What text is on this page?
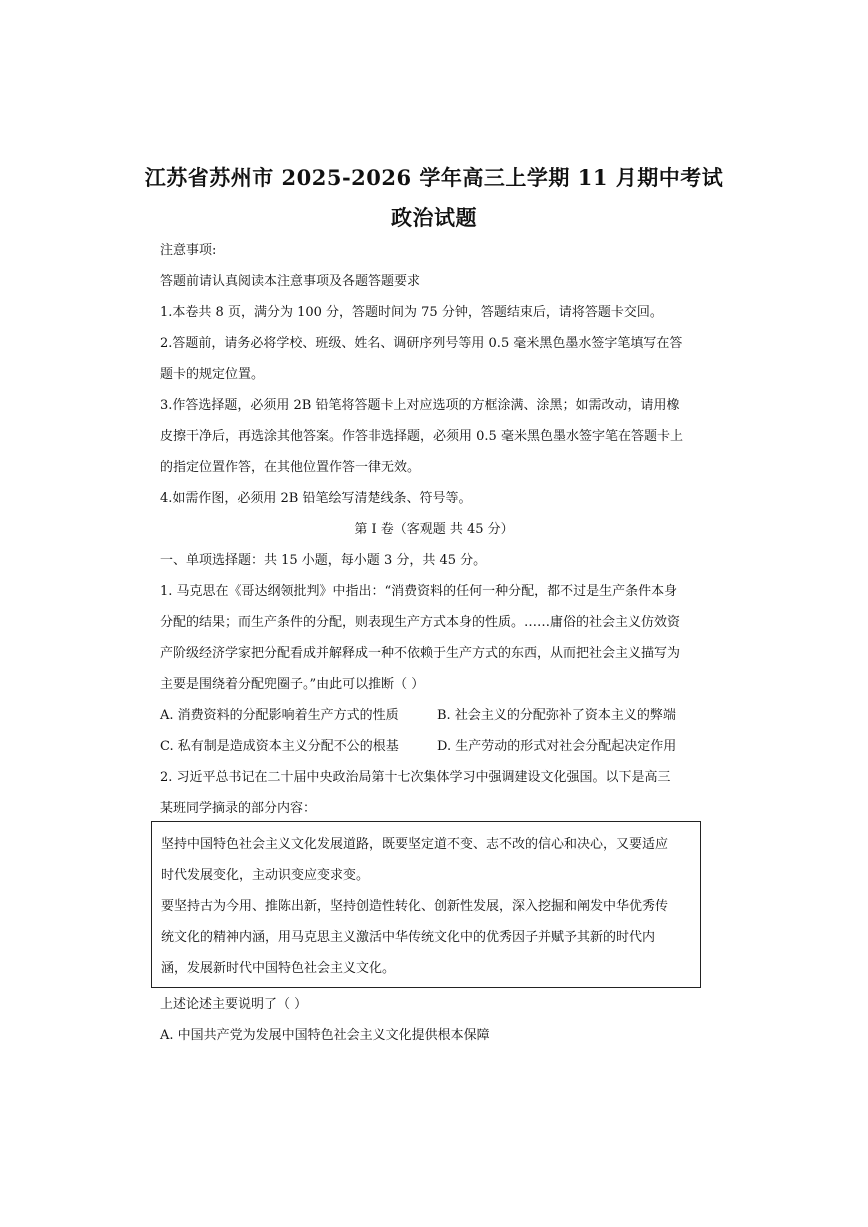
江苏省苏州市 2025-2026 学年高三上学期 11 月期中考试
政治试题
注意事项:
答题前请认真阅读本注意事项及各题答题要求
1.本卷共 8 页，满分为 100 分，答题时间为 75 分钟，答题结束后，请将答题卡交回。
2.答题前，请务必将学校、班级、姓名、调研序列号等用 0.5 毫米黑色墨水签字笔填写在答
题卡的规定位置。
3.作答选择题，必须用 2B 铅笔将答题卡上对应选项的方框涂满、涂黑；如需改动，请用橡
皮擦干净后，再选涂其他答案。作答非选择题，必须用 0.5 毫米黑色墨水签字笔在答题卡上
的指定位置作答，在其他位置作答一律无效。
4.如需作图，必须用 2B 铅笔绘写清楚线条、符号等。
第 I 卷（客观题 共 45 分）
一、单项选择题：共 15 小题，每小题 3 分，共 45 分。
1. 马克思在《哥达纲领批判》中指出：“消费资料的任何一种分配，都不过是生产条件本身
分配的结果；而生产条件的分配，则表现生产方式本身的性质。……庸俗的社会主义仿效资
产阶级经济学家把分配看成并解释成一种不依赖于生产方式的东西，从而把社会主义描写为
主要是围绕着分配兜圈子。”由此可以推断（ ）
A. 消费资料的分配影响着生产方式的性质	B. 社会主义的分配弥补了资本主义的弊端
C. 私有制是造成资本主义分配不公的根基	D. 生产劳动的形式对社会分配起决定作用
2. 习近平总书记在二十届中央政治局第十七次集体学习中强调建设文化强国。以下是高三
某班同学摘录的部分内容：
坚持中国特色社会主义文化发展道路，既要坚定道不变、志不改的信心和决心，又要适应
时代发展变化，主动识变应变求变。
要坚持古为今用、推陈出新，坚持创造性转化、创新性发展，深入挖掘和阐发中华优秀传
统文化的精神内涵，用马克思主义激活中华传统文化中的优秀因子并赋予其新的时代内
涵，发展新时代中国特色社会主义文化。
上述论述主要说明了（ ）
A. 中国共产党为发展中国特色社会主义文化提供根本保障
